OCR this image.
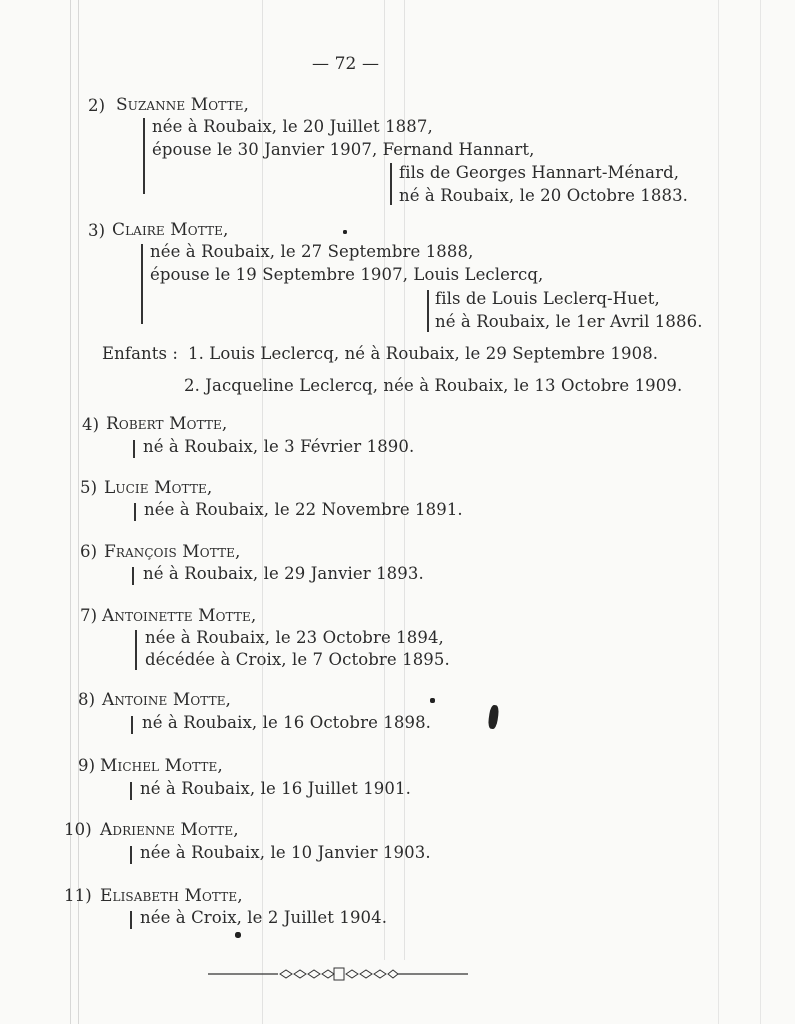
— 72 —
2) Suzanne Motte,
née à Roubaix, le 20 Juillet 1887,
épouse le 30 Janvier 1907, Fernand Hannart,
fils de Georges Hannart-Ménard,
né à Roubaix, le 20 Octobre 1883.
3) Claire Motte,
née à Roubaix, le 27 Septembre 1888,
épouse le 19 Septembre 1907, Louis Leclercq,
fils de Louis Leclerq-Huet,
né à Roubaix, le 1er Avril 1886.
Enfants : 1. Louis Leclercq, né à Roubaix, le 29 Septembre 1908.
2. Jacqueline Leclercq, née à Roubaix, le 13 Octobre 1909.
4) Robert Motte,
né à Roubaix, le 3 Février 1890.
5) Lucie Motte,
née à Roubaix, le 22 Novembre 1891.
6) François Motte,
né à Roubaix, le 29 Janvier 1893.
7) Antoinette Motte,
née à Roubaix, le 23 Octobre 1894,
décédée à Croix, le 7 Octobre 1895.
8) Antoine Motte,
né à Roubaix, le 16 Octobre 1898.
9) Michel Motte,
né à Roubaix, le 16 Juillet 1901.
10) Adrienne Motte,
née à Roubaix, le 10 Janvier 1903.
11) Elisabeth Motte,
née à Croix, le 2 Juillet 1904.
